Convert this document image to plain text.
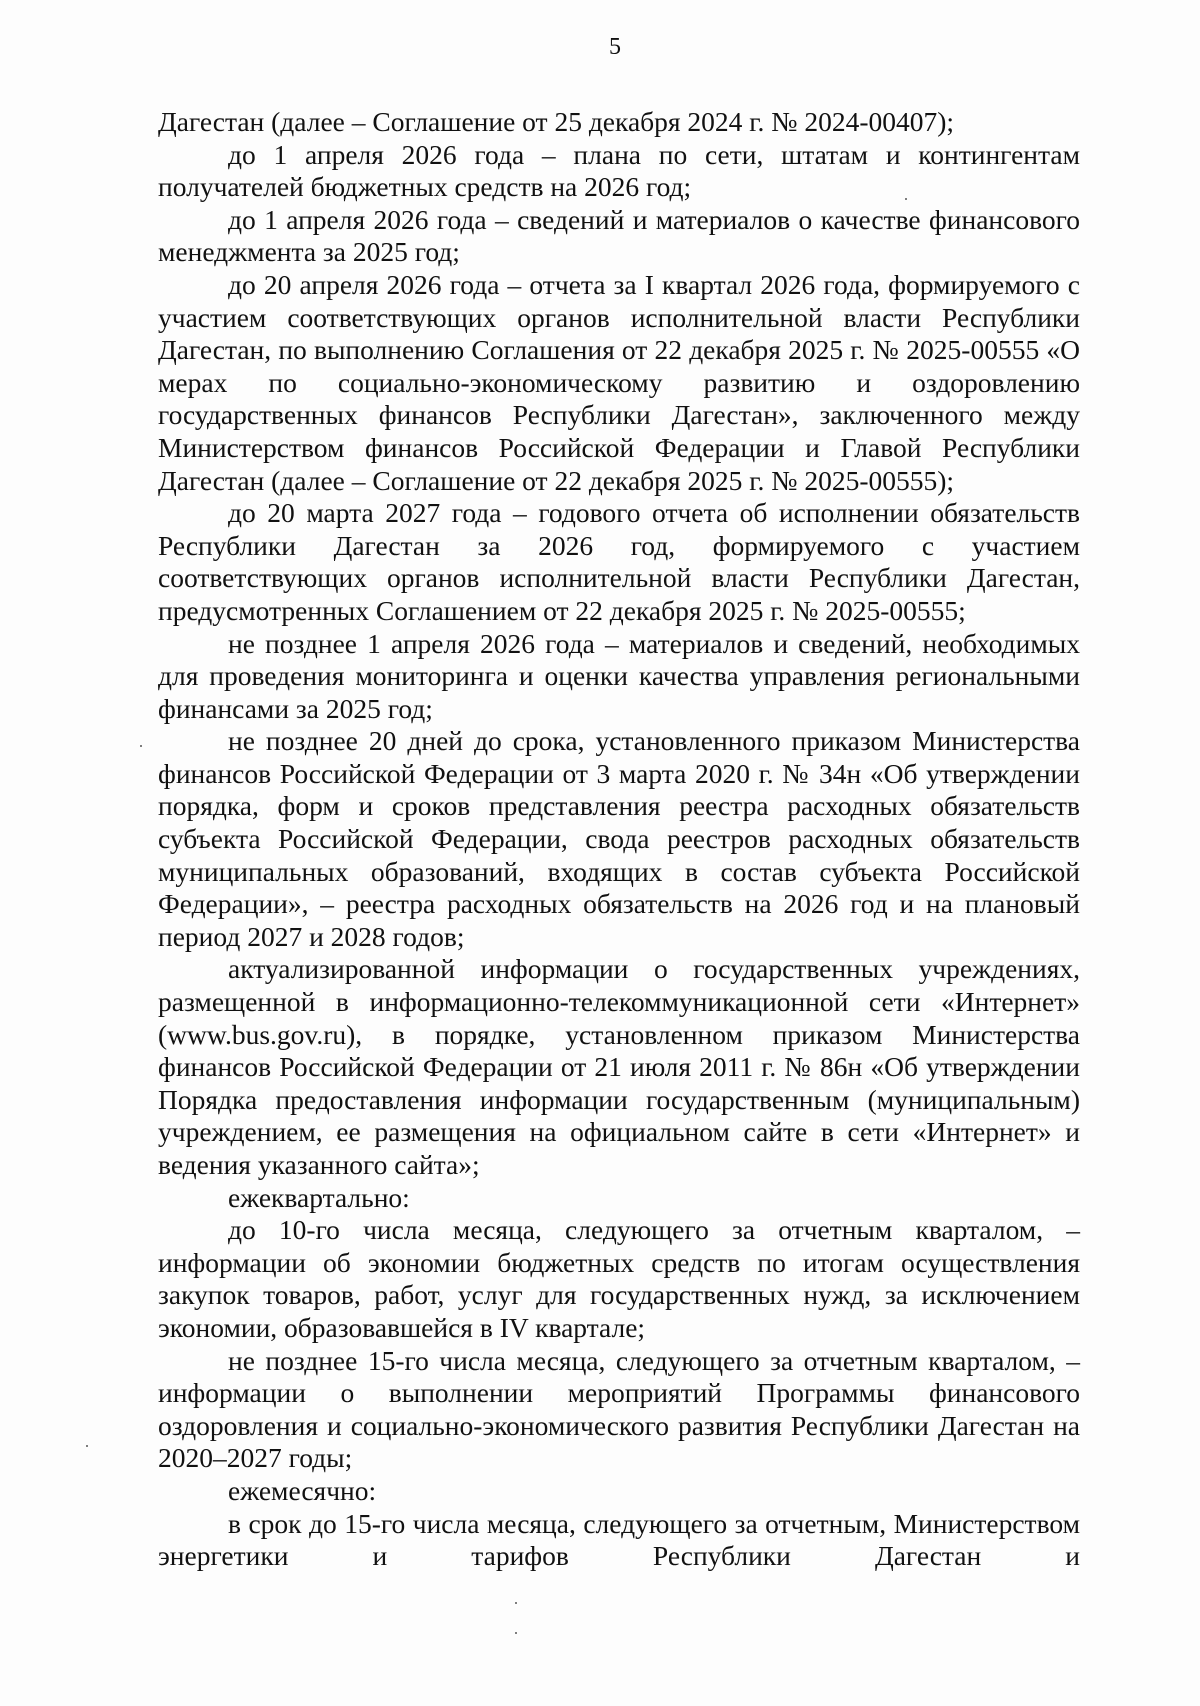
5

Дагестан (далее – Соглашение от 25 декабря 2024 г. № 2024-00407);

до 1 апреля 2026 года – плана по сети, штатам и контингентам получателей бюджетных средств на 2026 год;

до 1 апреля 2026 года – сведений и материалов о качестве финансового менеджмента за 2025 год;

до 20 апреля 2026 года – отчета за I квартал 2026 года, формируемого с участием соответствующих органов исполнительной власти Республики Дагестан, по выполнению Соглашения от 22 декабря 2025 г. № 2025-00555 «О мерах по социально-экономическому развитию и оздоровлению государственных финансов Республики Дагестан», заключенного между Министерством финансов Российской Федерации и Главой Республики Дагестан (далее – Соглашение от 22 декабря 2025 г. № 2025-00555);

до 20 марта 2027 года – годового отчета об исполнении обязательств Республики Дагестан за 2026 год, формируемого с участием соответствующих органов исполнительной власти Республики Дагестан, предусмотренных Соглашением от 22 декабря 2025 г. № 2025-00555;

не позднее 1 апреля 2026 года – материалов и сведений, необходимых для проведения мониторинга и оценки качества управления региональными финансами за 2025 год;

не позднее 20 дней до срока, установленного приказом Министерства финансов Российской Федерации от 3 марта 2020 г. № 34н «Об утверждении порядка, форм и сроков представления реестра расходных обязательств субъекта Российской Федерации, свода реестров расходных обязательств муниципальных образований, входящих в состав субъекта Российской Федерации», – реестра расходных обязательств на 2026 год и на плановый период 2027 и 2028 годов;

актуализированной информации о государственных учреждениях, размещенной в информационно-телекоммуникационной сети «Интернет» (www.bus.gov.ru), в порядке, установленном приказом Министерства финансов Российской Федерации от 21 июля 2011 г. № 86н «Об утверждении Порядка предоставления информации государственным (муниципальным) учреждением, ее размещения на официальном сайте в сети «Интернет» и ведения указанного сайта»;

ежеквартально:

до 10-го числа месяца, следующего за отчетным кварталом, – информации об экономии бюджетных средств по итогам осуществления закупок товаров, работ, услуг для государственных нужд, за исключением экономии, образовавшейся в IV квартале;

не позднее 15-го числа месяца, следующего за отчетным кварталом, – информации о выполнении мероприятий Программы финансового оздоровления и социально-экономического развития Республики Дагестан на 2020–2027 годы;

ежемесячно:

в срок до 15-го числа месяца, следующего за отчетным, Министерством энергетики и тарифов Республики Дагестан и
